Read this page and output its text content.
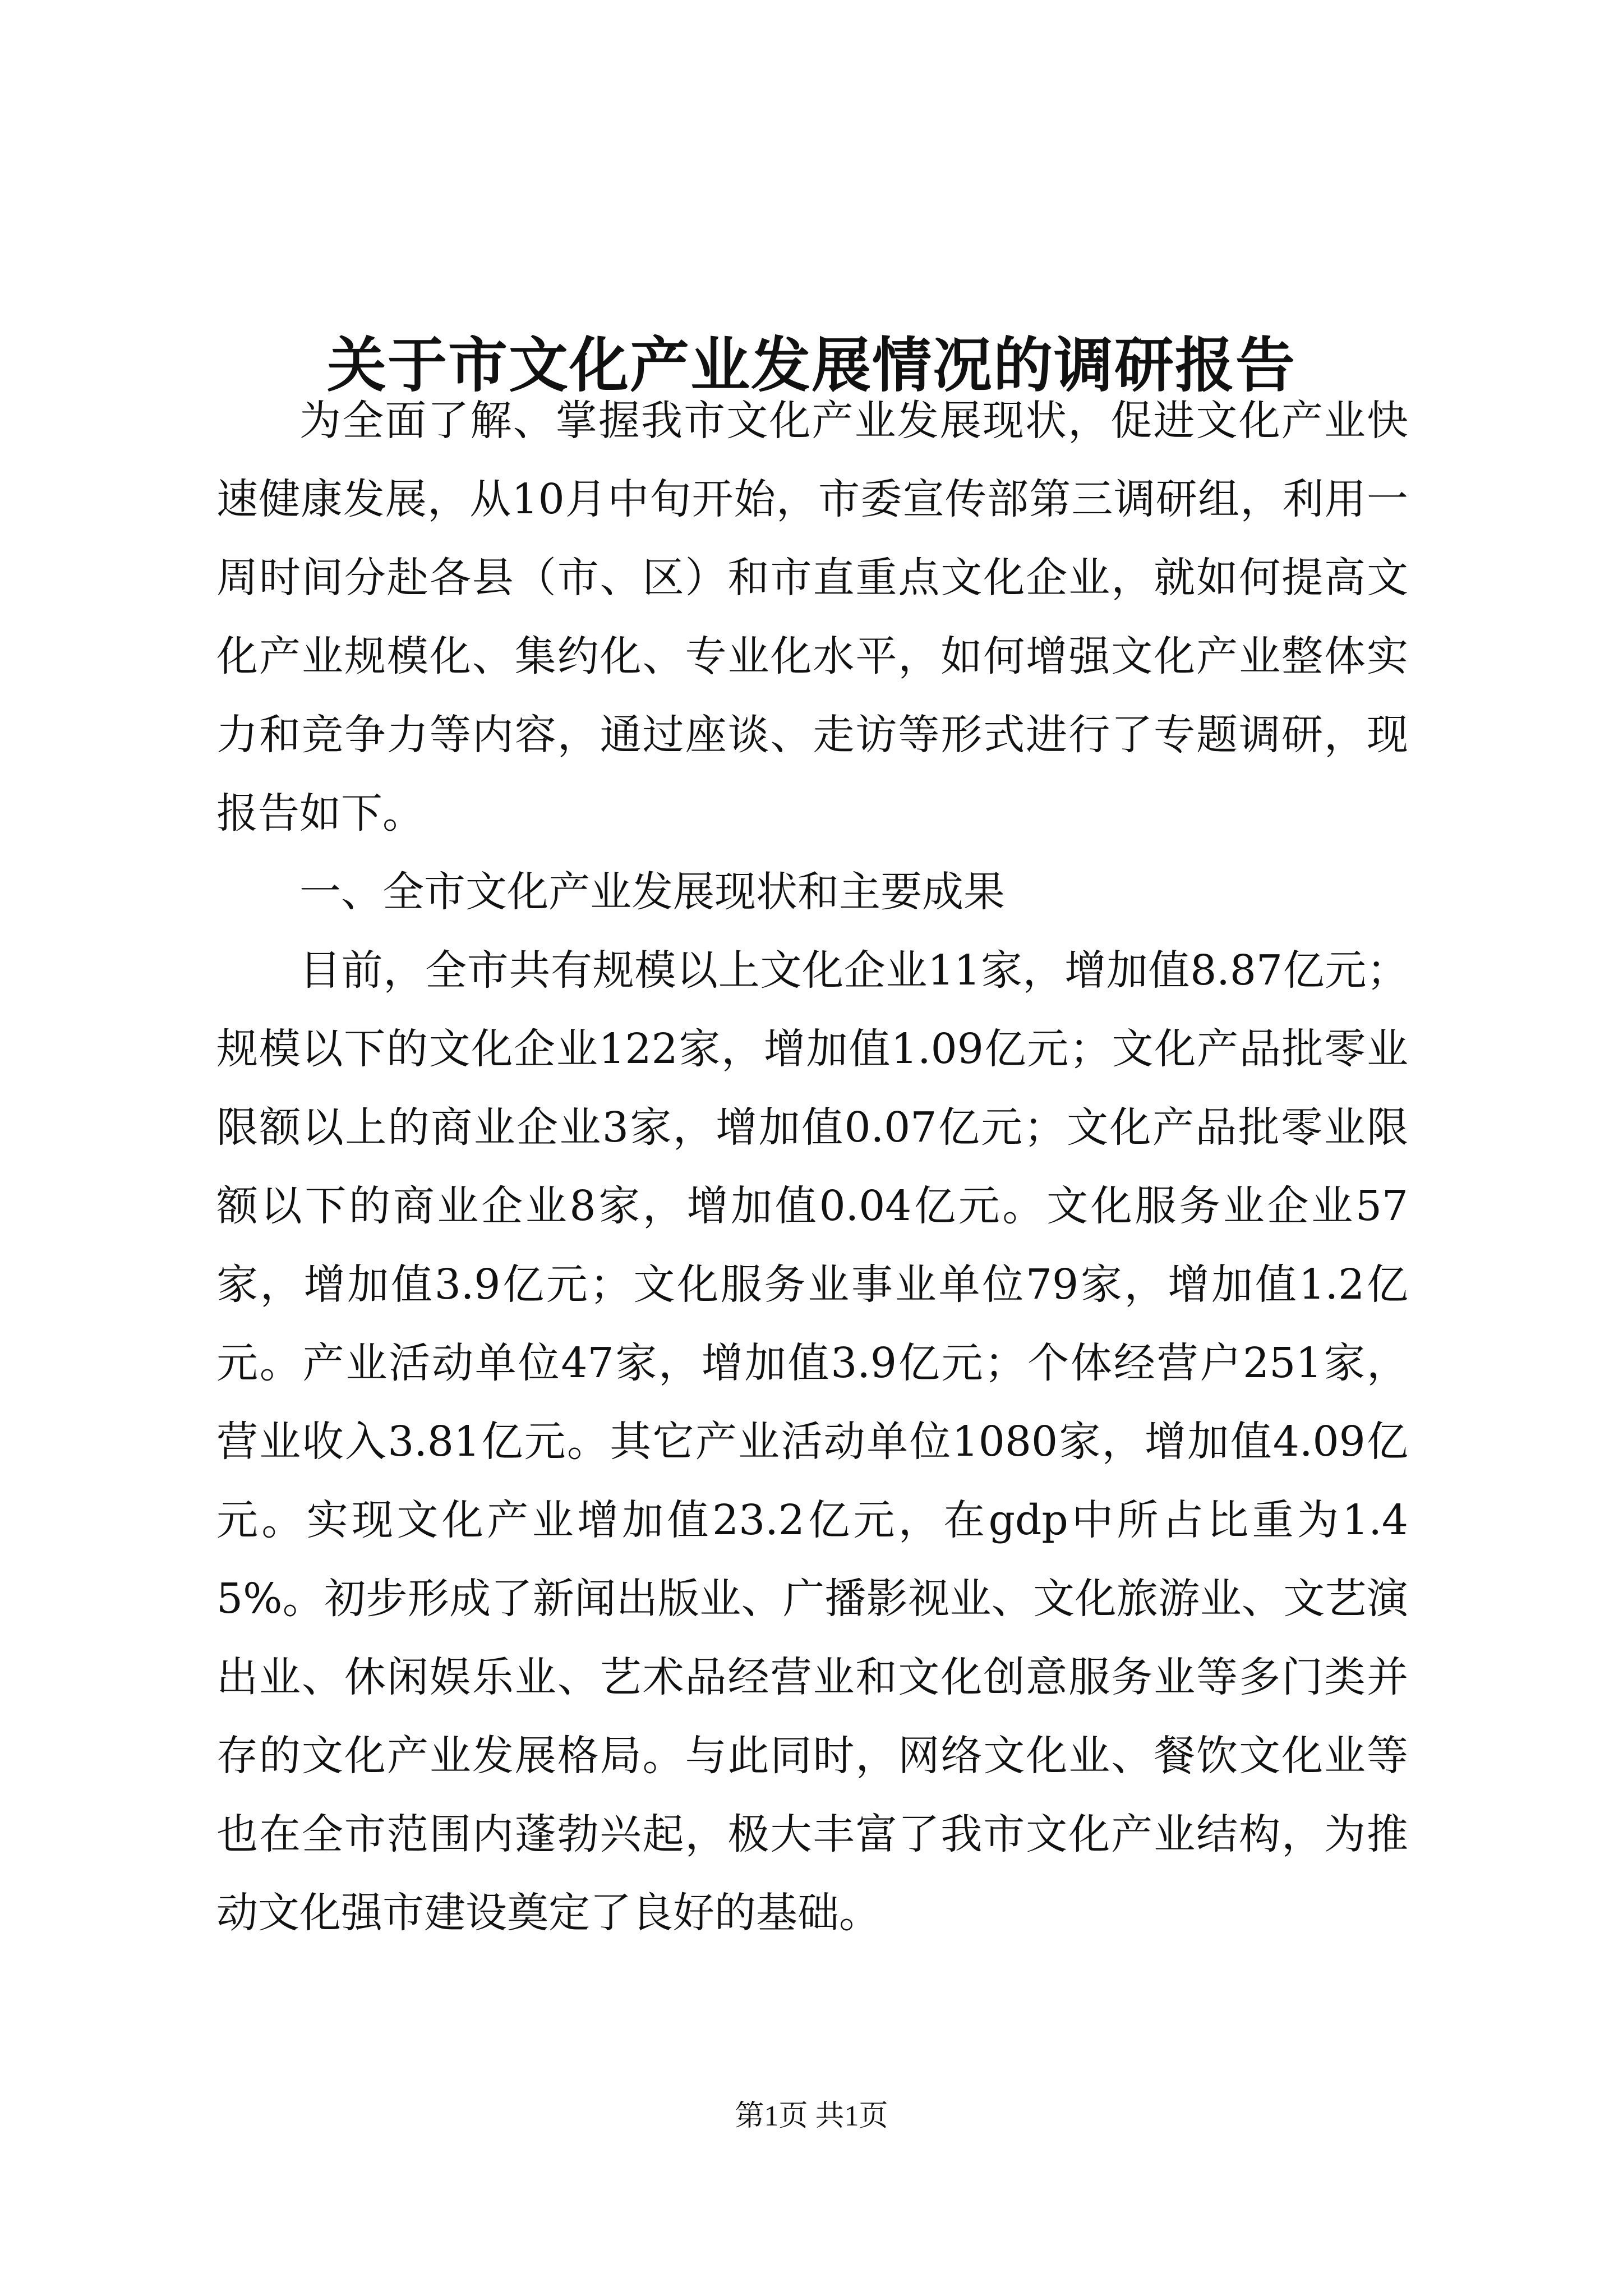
关于市文化产业发展情况的调研报告

为全面了解、掌握我市文化产业发展现状，促进文化产业快速健康发展，从10月中旬开始，市委宣传部第三调研组，利用一周时间分赴各县（市、区）和市直重点文化企业，就如何提高文化产业规模化、集约化、专业化水平，如何增强文化产业整体实力和竞争力等内容，通过座谈、走访等形式进行了专题调研，现报告如下。

一、全市文化产业发展现状和主要成果

目前，全市共有规模以上文化企业11家，增加值8.87亿元；规模以下的文化企业122家，增加值1.09亿元；文化产品批零业限额以上的商业企业3家，增加值0.07亿元；文化产品批零业限额以下的商业企业8家，增加值0.04亿元。文化服务业企业57家，增加值3.9亿元；文化服务业事业单位79家，增加值1.2亿元。产业活动单位47家，增加值3.9亿元；个体经营户251家，营业收入3.81亿元。其它产业活动单位1080家，增加值4.09亿元。实现文化产业增加值23.2亿元，在gdp中所占比重为1.45%。初步形成了新闻出版业、广播影视业、文化旅游业、文艺演出业、休闲娱乐业、艺术品经营业和文化创意服务业等多门类并存的文化产业发展格局。与此同时，网络文化业、餐饮文化业等也在全市范围内蓬勃兴起，极大丰富了我市文化产业结构，为推动文化强市建设奠定了良好的基础。

第1页 共1页
